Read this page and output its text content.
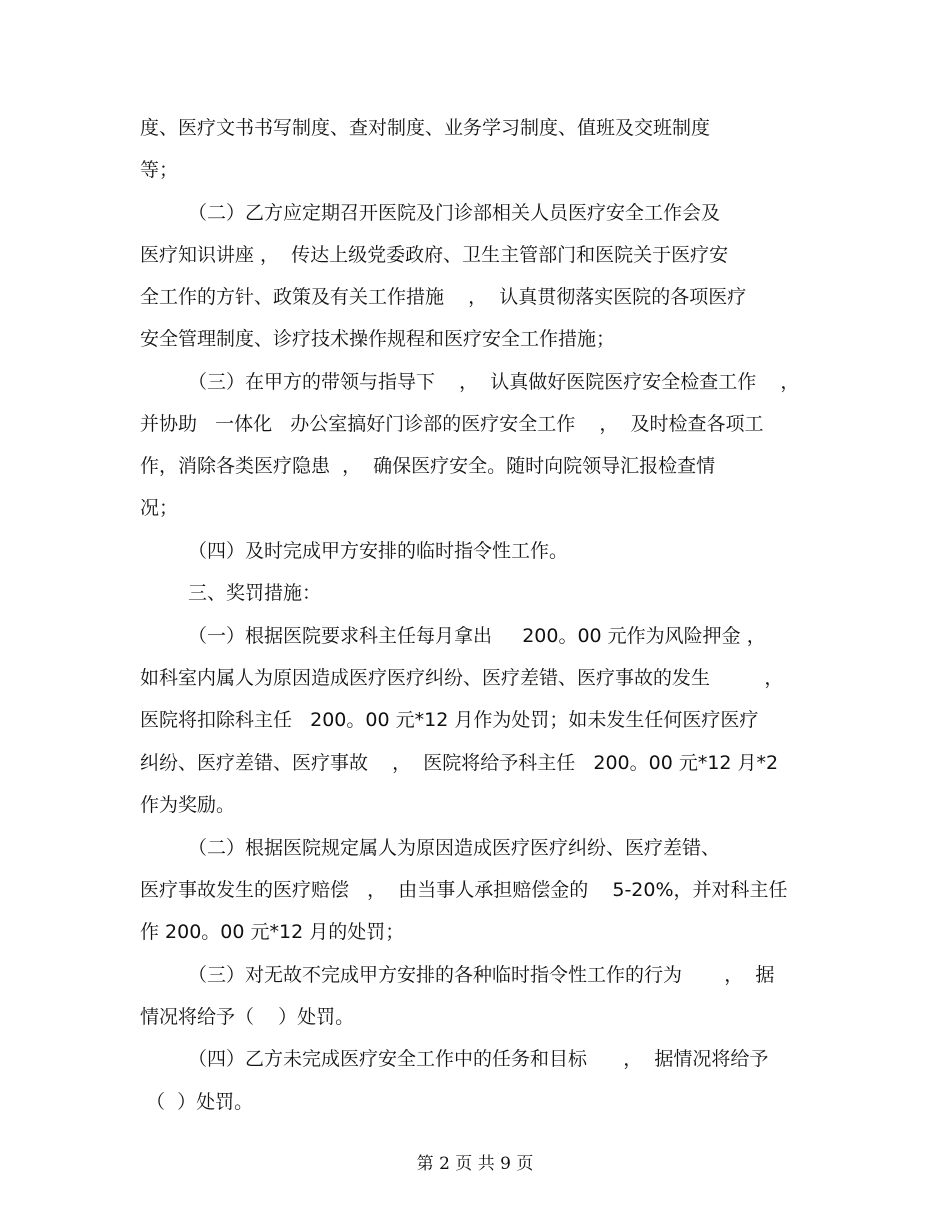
度、医疗文书书写制度、查对制度、业务学习制度、值班及交班制度
等；
（二）乙方应定期召开医院及门诊部相关人员医疗安全工作会及
医疗知识讲座 ，  传达上级党委政府、卫生主管部门和医院关于医疗安
全工作的方针、政策及有关工作措施    ，  认真贯彻落实医院的各项医疗
安全管理制度、诊疗技术操作规程和医疗安全工作措施；
（三）在甲方的带领与指导下    ，  认真做好医院医疗安全检查工作    ，
并协助   一体化   办公室搞好门诊部的医疗安全工作    ，  及时检查各项工
作，消除各类医疗隐患  ，  确保医疗安全。随时向院领导汇报检查情
况；
（四）及时完成甲方安排的临时指令性工作。
三、奖罚措施：
（一）根据医院要求科主任每月拿出     200。00 元作为风险押金 ，
如科室内属人为原因造成医疗医疗纠纷、医疗差错、医疗事故的发生         ，
医院将扣除科主任   200。00 元*12 月作为处罚；如未发生任何医疗医疗
纠纷、医疗差错、医疗事故    ，  医院将给予科主任   200。00 元*12 月*2
作为奖励。
（二）根据医院规定属人为原因造成医疗医疗纠纷、医疗差错、
医疗事故发生的医疗赔偿   ，  由当事人承担赔偿金的    5-20%，并对科主任
作 200。00 元*12 月的处罚；
（三）对无故不完成甲方安排的各种临时指令性工作的行为       ，  据
情况将给予（    ）处罚。
（四）乙方未完成医疗安全工作中的任务和目标      ，  据情况将给予
（  ）处罚。
第 2 页 共 9 页
